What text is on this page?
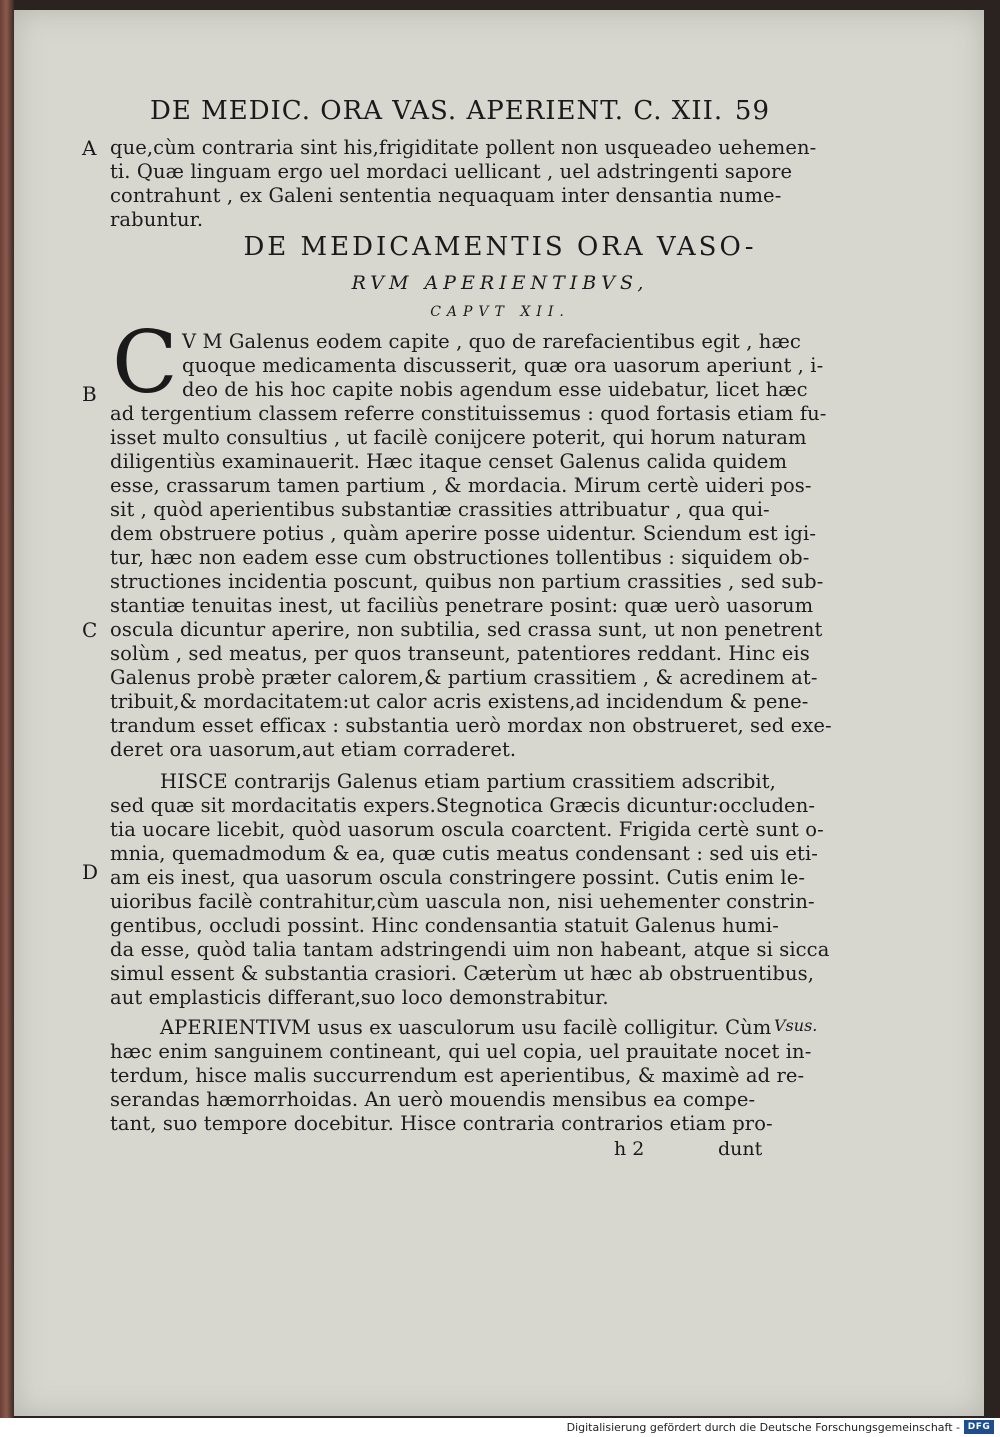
DE MEDIC. ORA VAS. APERIENT. C. XII. 59
A
B
C
D
Vsus.
que,cùm contraria sint his,frigiditate pollent non usqueadeo uehemen-
ti. Quæ linguam ergo uel mordaci uellicant , uel adstringenti sapore
contrahunt , ex Galeni sententia nequaquam inter densantia nume-
rabuntur.
DE MEDICAMENTIS ORA VASO-
RVM APERIENTIBVS,
CAPVT XII.
C V M Galenus eodem capite , quo de rarefacientibus egit , hæc
quoque medicamenta discusserit, quæ ora uasorum aperiunt , i-
deo de his hoc capite nobis agendum esse uidebatur, licet hæc
ad tergentium classem referre constituissemus : quod fortasis etiam fu-
isset multo consultius , ut facilè conijcere poterit, qui horum naturam
diligentiùs examinauerit. Hæc itaque censet Galenus calida quidem
esse, crassarum tamen partium , & mordacia. Mirum certè uideri pos-
sit , quòd aperientibus substantiæ crassities attribuatur , qua qui-
dem obstruere potius , quàm aperire posse uidentur. Sciendum est igi-
tur, hæc non eadem esse cum obstructiones tollentibus : siquidem ob-
structiones incidentia poscunt, quibus non partium crassities , sed sub-
stantiæ tenuitas inest, ut faciliùs penetrare posint: quæ uerò uasorum
oscula dicuntur aperire, non subtilia, sed crassa sunt, ut non penetrent
solùm , sed meatus, per quos transeunt, patentiores reddant. Hinc eis
Galenus probè præter calorem,& partium crassitiem , & acredinem at-
tribuit,& mordacitatem:ut calor acris existens,ad incidendum & pene-
trandum esset efficax : substantia uerò mordax non obstrueret, sed exe-
deret ora uasorum,aut etiam corraderet.
HISCE contrarijs Galenus etiam partium crassitiem adscribit,
sed quæ sit mordacitatis expers.Stegnotica Græcis dicuntur:occluden-
tia uocare licebit, quòd uasorum oscula coarctent. Frigida certè sunt o-
mnia, quemadmodum & ea, quæ cutis meatus condensant : sed uis eti-
am eis inest, qua uasorum oscula constringere possint. Cutis enim le-
uioribus facilè contrahitur,cùm uascula non, nisi uehementer constrin-
gentibus, occludi possint. Hinc condensantia statuit Galenus humi-
da esse, quòd talia tantam adstringendi uim non habeant, atque si sicca
simul essent & substantia crasiori. Cæterùm ut hæc ab obstruentibus,
aut emplasticis differant,suo loco demonstrabitur.
APERIENTIVM usus ex uasculorum usu facilè colligitur. Cùm
hæc enim sanguinem contineant, qui uel copia, uel prauitate nocet in-
terdum, hisce malis succurrendum est aperientibus, & maximè ad re-
serandas hæmorrhoidas. An uerò mouendis mensibus ea compe-
tant, suo tempore docebitur. Hisce contraria contrarios etiam pro-
h 2	dunt
Digitalisierung gefördert durch die Deutsche Forschungsgemeinschaft - DFG
